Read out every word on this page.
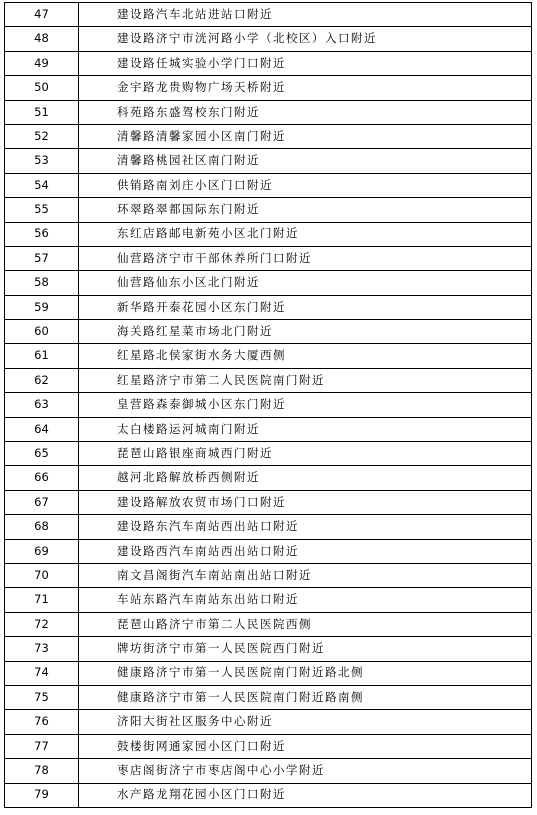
47	建设路汽车北站进站口附近
48	建设路济宁市洸河路小学（北校区）入口附近
49	建设路任城实验小学门口附近
50	金宇路龙贵购物广场天桥附近
51	科苑路东盛驾校东门附近
52	清馨路清馨家园小区南门附近
53	清馨路桃园社区南门附近
54	供销路南刘庄小区门口附近
55	环翠路翠都国际东门附近
56	东红店路邮电新苑小区北门附近
57	仙营路济宁市干部休养所门口附近
58	仙营路仙东小区北门附近
59	新华路开泰花园小区东门附近
60	海关路红星菜市场北门附近
61	红星路北侯家街水务大厦西侧
62	红星路济宁市第二人民医院南门附近
63	皇营路森泰御城小区东门附近
64	太白楼路运河城南门附近
65	琵琶山路银座商城西门附近
66	越河北路解放桥西侧附近
67	建设路解放农贸市场门口附近
68	建设路东汽车南站西出站口附近
69	建设路西汽车南站西出站口附近
70	南文昌阁街汽车南站南出站口附近
71	车站东路汽车南站东出站口附近
72	琵琶山路济宁市第二人民医院西侧
73	牌坊街济宁市第一人民医院西门附近
74	健康路济宁市第一人民医院南门附近路北侧
75	健康路济宁市第一人民医院南门附近路南侧
76	济阳大街社区服务中心附近
77	鼓楼街网通家园小区门口附近
78	枣店阁街济宁市枣店阁中心小学附近
79	水产路龙翔花园小区门口附近
